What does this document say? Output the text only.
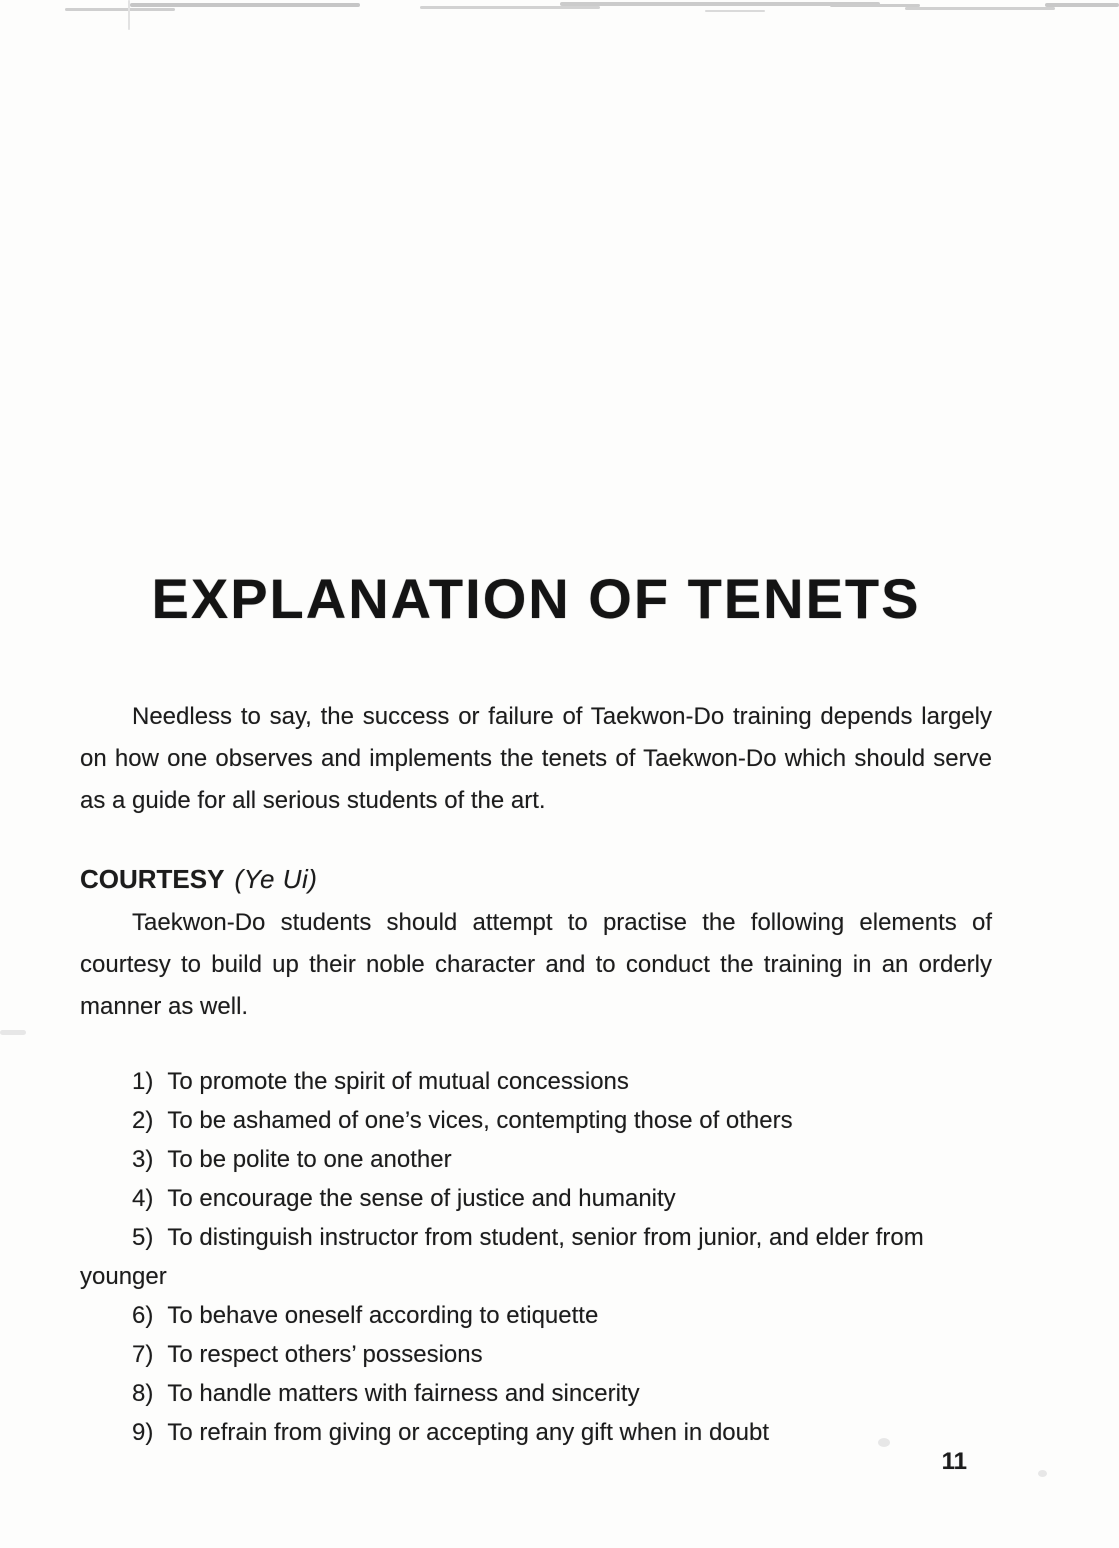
EXPLANATION OF TENETS

Needless to say, the success or failure of Taekwon-Do training depends largely on how one observes and implements the tenets of Taekwon-Do which should serve as a guide for all serious students of the art.

COURTESY (Ye Ui)

Taekwon-Do students should attempt to practise the following elements of courtesy to build up their noble character and to conduct the training in an orderly manner as well.

1) To promote the spirit of mutual concessions
2) To be ashamed of one’s vices, contempting those of others
3) To be polite to one another
4) To encourage the sense of justice and humanity
5) To distinguish instructor from student, senior from junior, and elder from younger
6) To behave oneself according to etiquette
7) To respect others’ possesions
8) To handle matters with fairness and sincerity
9) To refrain from giving or accepting any gift when in doubt
11
